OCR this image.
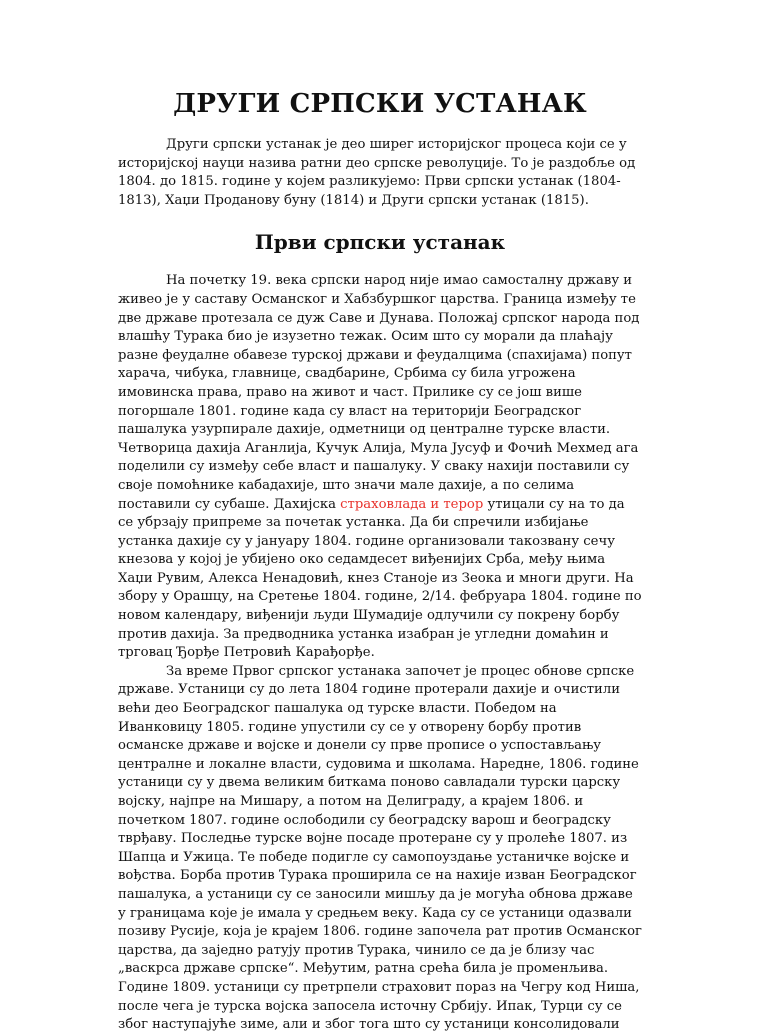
ДРУГИ СРПСКИ УСТАНАК

Други српски устанак је део ширег историјског процеса који се у историјској науци назива ратни део српске револуције. То је раздобље од 1804. до 1815. године у којем разликујемо: Први српски устанак (1804-1813), Хаџи Проданову буну (1814) и Други српски устанак (1815).

Први српски устанак

На почетку 19. века српски народ није имао самосталну државу и живео је у саставу Османског и Хабзбуршког царства. Граница између те две државе протезала се дуж Саве и Дунава. Положај српског народа под влашћу Турака био је изузетно тежак. Осим што су морали да плаћају разне феудалне обавезе турској држави и феудалцима (спахијама) попут харача, чибука, главнице, свадбарине, Србима су била угрожена имовинска права, право на живот и част. Прилике су се још више погоршале 1801. године када су власт на територији Београдског пашалука узурпирале дахије, одметници од централне турске власти. Четворица дахија Аганлија, Кучук Алија, Мула Јусуф и Фочић Мехмед ага поделили су између себе власт и пашалуку. У сваку нахији поставили су своје помоћнике кабадахије, што значи мале дахије, а по селима поставили су субаше. Дахијска страховлада и терор утицали су на то да се убрзају припреме за почетак устанка. Да би спречили избијање устанка дахије су у јануару 1804. године организовали такозвану сечу кнезова у којој је убијено око седамдесет виђенијих Срба, међу њима Хаџи Рувим, Алекса Ненадовић, кнез Станоје из Зеока и многи други. На збору у Орашцу, на Сретење 1804. године, 2/14. фебруара 1804. године по новом календару, виђенији људи Шумадије одлучили су покрену борбу против дахија. За предводника устанка изабран је угледни домаћин и трговац Ђорђе Петровић Карађорђе.

За време Првог српског устанака започет је процес обнове српске државе. Устаници су до лета 1804 године протерали дахије и очистили већи део Београдског пашалука од турске власти. Победом на Иванковицу 1805. године упустили су се у отворену борбу против османске државе и војске и донели су прве прописе о успостављању централне и локалне власти, судовима и школама. Наредне, 1806. године устаници су у двема великим биткама поново савладали турски царску војску, најпре на Мишару, а потом на Делиграду, а крајем 1806. и почетком 1807. године ослободили су београдску варош и београдску тврђаву. Последње турске војне посаде протеране су у пролеће 1807. из Шапца и Ужица. Те победе подигле су самопоуздање устаничке војске и вођства. Борба против Турака проширила се на нахије изван Београдског пашалука, а устаници су се заносили мишљу да је могућа обнова државе у границама које је имала у средњем веку. Када су се устаници одазвали позиву Русије, која је крајем 1806. године започела рат против Османског царства, да заједно ратују против Турака, чинило се да је близу час „васкрса државе српске“. Међутим, ратна срећа била је променљива. Године 1809. устаници су претрпели страховит пораз на Чегру код Ниша, после чега је турска војска запосела источну Србију. Ипак, Турци су се због наступајуће зиме, али и због тога што су устаници консолидовали
